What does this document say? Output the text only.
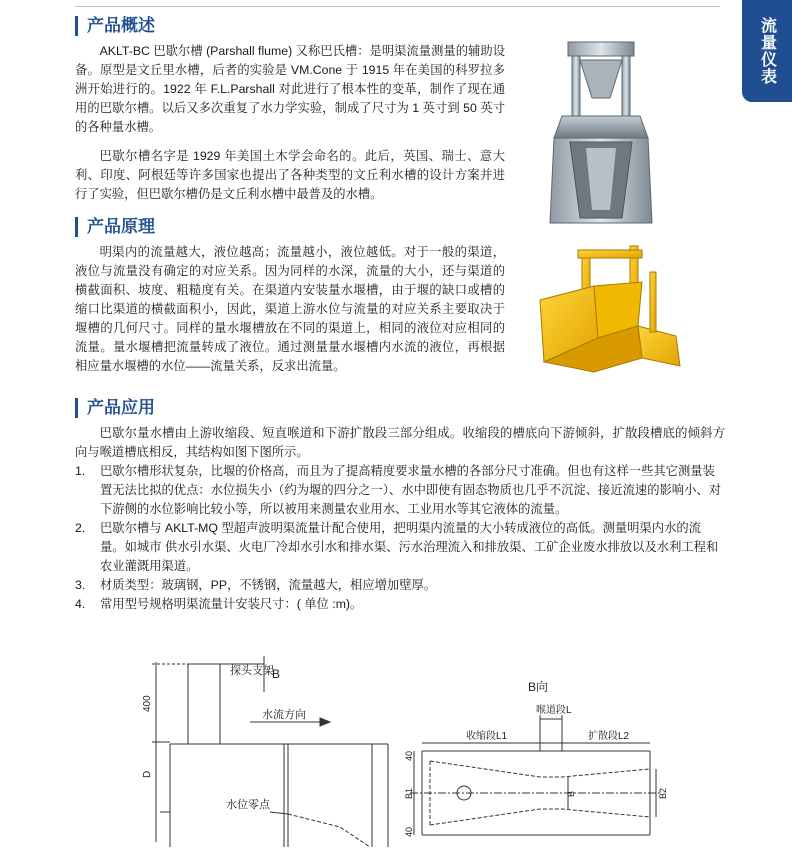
流量仪表
产品概述
AKLT-BC 巴歇尔槽 (Parshall flume) 又称巴氏槽：是明渠流量测量的辅助设备。原型是文丘里水槽，后者的实验是 VM.Cone 于 1915 年在美国的科罗拉多洲开始进行的。1922 年 F.L.Parshall 对此进行了根本性的变革，制作了现在通用的巴歇尔槽。以后又多次重复了水力学实验，制成了尺寸为 1 英寸到 50 英寸的各种量水槽。
巴歇尔槽名字是 1929 年美国土木学会命名的。此后，英国、瑞士、意大利、印度、阿根廷等许多国家也提出了各种类型的文丘利水槽的设计方案并进行了实验，但巴歇尔槽仍是文丘利水槽中最普及的水槽。
产品原理
明渠内的流量越大，液位越高；流量越小，液位越低。对于一般的渠道，液位与流量没有确定的对应关系。因为同样的水深，流量的大小，还与渠道的横截面积、坡度、粗糙度有关。在渠道内安装量水堰槽，由于堰的缺口或槽的缩口比渠道的横截面积小，因此，渠道上游水位与流量的对应关系主要取决于堰槽的几何尺寸。同样的量水堰槽放在不同的渠道上，相同的液位对应相同的流量。量水堰槽把流量转成了液位。通过测量量水堰槽内水流的液位，再根据相应量水堰槽的水位——流量关系，反求出流量。
产品应用
巴歇尔量水槽由上游收缩段、短直喉道和下游扩散段三部分组成。收缩段的槽底向下游倾斜，扩散段槽底的倾斜方向与喉道槽底相反，其结构如图下图所示。
1. 巴歇尔槽形状复杂，比堰的价格高，而且为了提高精度要求量水槽的各部分尺寸准确。但也有这样一些其它测量装置无法比拟的优点：水位损失小（约为堰的四分之一）、水中即使有固态物质也几乎不沉淀、接近流速的影响小、对下游侧的水位影响比较小等，所以被用来测量农业用水、工业用水等其它液体的流量。
2. 巴歇尔槽与 AKLT-MQ 型超声波明渠流量计配合使用，把明渠内流量的大小转成液位的高低。测量明渠内水的流量。如城市 供水引水渠、火电厂冷却水引水和排水渠、污水治理流入和排放渠、工矿企业废水排放以及水利工程和农业灌溉用渠道。
3. 材质类型：玻璃钢，PP，不锈钢，流量越大，相应增加壁厚。
4. 常用型号规格明渠流量计安装尺寸：( 单位 :m)。
探头支架
B
水流方向
水位零点
400
D
B向
喉道段L
收缩段L1	扩散段L2
40
B1
40
B	B2
